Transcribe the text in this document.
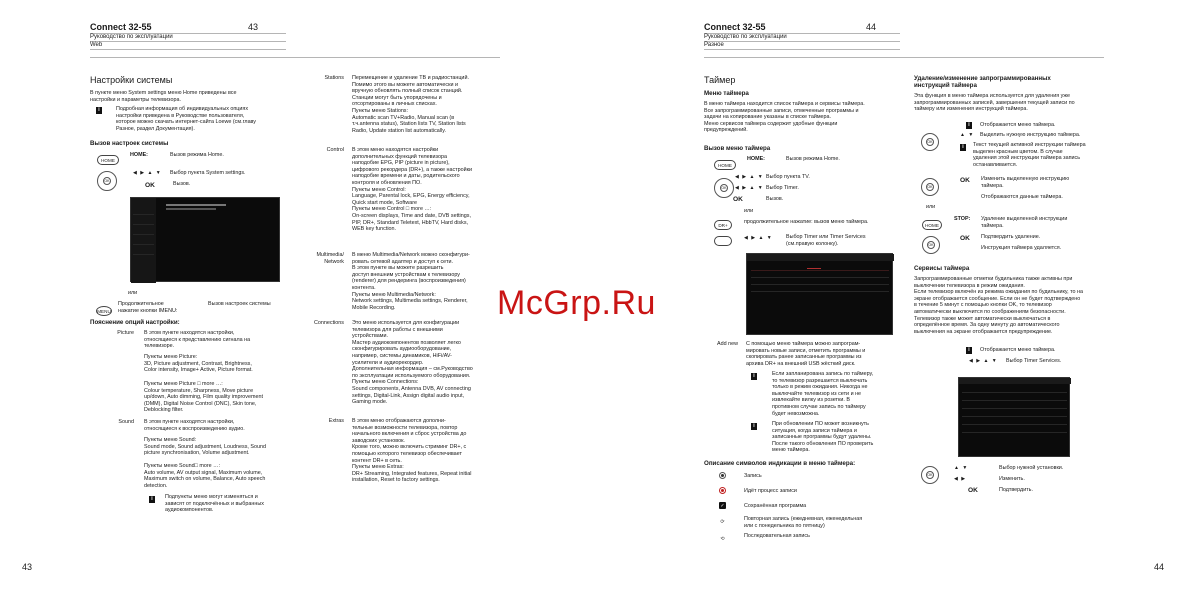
Connect 32-55	43
Руководство по эксплуатации
Web
Настройки системы
В пункте меню System settings меню Home приведены все
настройки и параметры телевизора.
i	Подробная информация об индивидуальных опциях
настройки приведена в Руководстве пользователя,
которое можно скачать интернет-сайта Loewe (см.главу
Разное, раздел Документация).
Вызов настроек системы
HOME
HOME:	Вызов режима Home.
OK
◀ ▶ ▲ ▼ Выбор пункта System settings.
OK	Вызов.
или
MENU
Продолжительное
нажатие кнопки IMENU:
Вызов настроек системы
Пояснение опций настройки:
Picture В этом пункте находятся настройки,
относящиеся к представлению сигнала на
телевизоре.
Пункты меню Picture:
3D, Picture adjustment, Contrast, Brightness,
Color intensity, Image+ Active, Picture format.
Пункты меню Picture □ more …:
Colour temperature, Sharpness, Move picture
up/down, Auto dimming, Film quality improvement
(DMM), Digital Noise Control (DNC), Skin tone,
Deblocking filter.
Sound В этом пункте находятся настройки,
относящиеся к воспроизведению аудио.
Пункты меню Sound:
Sound mode, Sound adjustment, Loudness, Sound
picture synchronisation, Volume adjustment.
Пункты меню Sound□ more …:
Auto volume, AV output signal, Maximum volume,
Maximum switch on volume, Balance, Auto speech
detection.
i	Подпункты меню могут изменяться и
зависят от подключённых и выбранных
аудиокомпонентов.
Stations Перемещение и удаление ТВ и радиостанций.
Помимо этого вы можете автоматически и
вручную обновлять полный список станций.
Станции могут быть упорядочены и
отсортированы в личных списках.
Пункты меню Stations:
Automatic scan TV+Radio, Manual scan (в
т.ч.antenna status), Station lists TV, Station lists
Radio, Update station list automatically.
Control В этом меню находятся настройки
дополнительных функций телевизора
наподобие EPG, PIP (picture in picture),
цифрового рекордера (DR+), а также настройки
наподобие времени и даты, родительского
контроля и обновления ПО.
Пункты меню Control:
Language, Parental lock, EPG, Energy efficiency,
Quick start mode, Software
Пункты меню Control □ more …:
On-screen displays, Time and date, DVB settings,
PIP, DR+, Standard Teletext, HbbTV, Hard disks,
WEB key function.
Multimedia/
Network
В меню Multimedia/Network можно сконфигури-
ровать сетевой адаптер и доступ к сети.
В этом пункте вы можете разрешить
доступ внешним устройствам к телевизору
(renderer) для рендеринга (воспроизведения)
контента.
Пункты меню Multimedia/Network:
Network settings, Multimedia settings, Renderer,
Mobile Recording.
Connections Это меню используется для конфигурации
телевизора для работы с внешними
устройствами.
Мастер аудиокомпонентов позволяет легко
сконфигурировать аудиооборудование,
например, системы динамиков, HiFi/AV-
усилители и аудиорекордер.
Дополнительная информация – см.Руководство
по эксплуатации используемого оборудования.
Пункты меню Connections:
Sound components, Antenna DVB, AV connecting
settings, Digital-Link, Assign digital audio input,
Gaming mode.
Extras В этом меню отображаются дополни-
тельные возможности телевизора, повтор
начального включения и сброс устройства до
заводских установок.
Кроме того, можно включить стриминг DR+, с
помощью которого телевизор обеспечивает
контент DR+ в сеть.
Пункты меню Extras:
DR+ Streaming, Integrated features, Repeat initial
installation, Reset to factory settings.
43
Connect 32-55	44
Руководство по эксплуатации
Разное
Таймер
Меню таймера
В меню таймера находится список таймера и сервисы таймера.
Все запрограммированные записи, отмеченные программы и
задачи на копирование указаны в списке таймера.
Меню сервисов таймера содержит удобные функции
предупреждений.
Вызов меню таймера
HOME
HOME:	Вызов режима Home.
OK
◀ ▶ ▲ ▼ Выбор пункта TV.
◀ ▶ ▲ ▼ Выбор Timer.
OK	Вызов.
или
DR+	продолжительное нажатие: вызов меню таймера.
◀ ▶ ▲ ▼ Выбор Timer или Timer Services
(см.правую колонку).
Add new С помощью меню таймера можно запрограм-
мировать новые записи, отметить программы и
скопировать ранее записанные программы из
архива DR+ на внешний USB жёсткий диск.
i	Если запланирована запись по таймеру,
то телевизор разрешается выключать
только в режим ожидания. Никогда не
выключайте телевизор из сети и не
извлекайте вилку из розетки. В
противном случае запись по таймеру
будет невозможна.
i	При обновлении ПО может возникнуть
ситуация, когда записи таймера и
записанные программы будут удалены.
После такого обновления ПО проверить
меню таймера.
Описание символов индикации в меню таймера:
Запись
Идёт процесс записи
✓	Сохранённая программа
⟳	Повторная запись (ежедневная, еженедельная
или с понедельника по пятницу)
⟲	Последовательная запись
Удаление/изменение запрограммированных
инструкций таймера
Эта функция в меню таймера используется для удаления уже
запрограммированных записей, завершения текущей записи по
таймеру или изменения инструкций таймера.
i	Отображается меню таймера.
OK
▲ ▼ Выделить нужную инструкцию таймера.
i	Текст текущей активной инструкции таймера
выделен красным цветом. В случае
удаления этой инструкции таймера запись
останавливается.
OK
OK Изменить выделенную инструкцию
таймера.
Отображаются данные таймера.
или
STOP: Удаление выделенной инструкции
таймера.
HOME
OK
OK Подтвердить удаление.
Инструкция таймера удаляется.
Сервисы таймера
Запрограммированные отметки будильника также активны при
выключении телевизора в режим ожидания.
Если телевизор включён из режима ожидания по будильнику, то на
экране отображается сообщение. Если он не будет подтверждено
в течение 5 минут с помощью кнопки OK, то телевизор
автоматически выключится по соображениям безопасности.
Телевизор также может автоматически выключаться в
определённое время. За одну минуту до автоматического
выключения на экране отображается предупреждение.
i	Отображается меню таймера.
◀ ▶ ▲ ▼ Выбор Timer Services.
OK
▲ ▼	Выбор нужной установки.
◀ ▶	Изменить.
OK	Подтвердить.
44
McGrp.Ru
